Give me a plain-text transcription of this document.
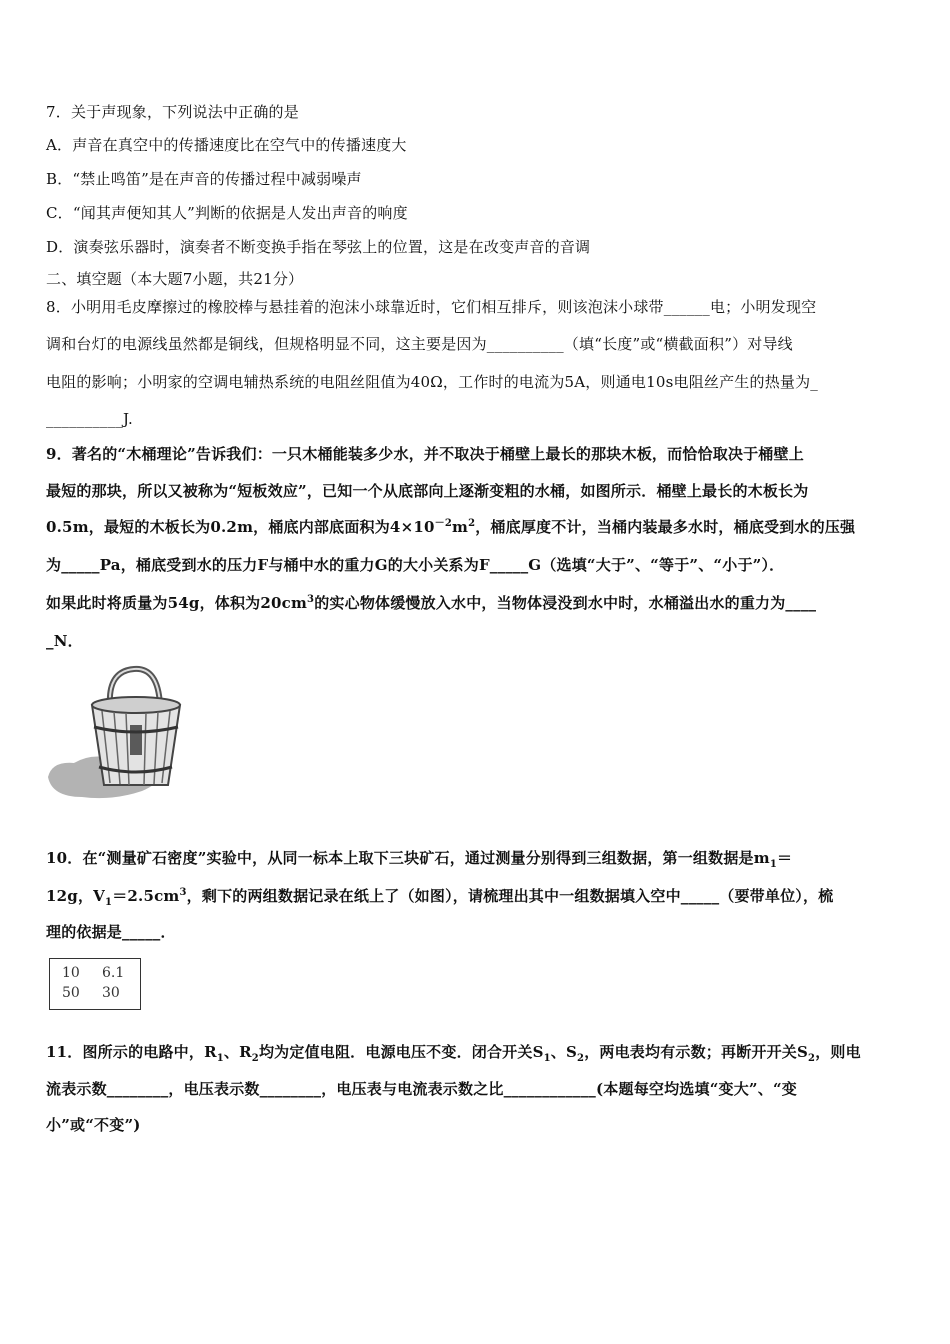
7．关于声现象，下列说法中正确的是
A．声音在真空中的传播速度比在空气中的传播速度大
B．“禁止鸣笛”是在声音的传播过程中减弱噪声
C．“闻其声便知其人”判断的依据是人发出声音的响度
D．演奏弦乐器时，演奏者不断变换手指在琴弦上的位置，这是在改变声音的音调
二、填空题（本大题7小题，共21分）
8．小明用毛皮摩擦过的橡胶棒与悬挂着的泡沫小球靠近时，它们相互排斥，则该泡沫小球带______电；小明发现空
调和台灯的电源线虽然都是铜线，但规格明显不同，这主要是因为__________（填“长度”或“横截面积”）对导线
电阻的影响；小明家的空调电辅热系统的电阻丝阻值为40Ω，工作时的电流为5A，则通电10s电阻丝产生的热量为_
__________J.
9．著名的“木桶理论”告诉我们：一只木桶能装多少水，并不取决于桶壁上最长的那块木板，而恰恰取决于桶壁上
最短的那块，所以又被称为“短板效应”，已知一个从底部向上逐渐变粗的水桶，如图所示．桶壁上最长的木板长为
0.5m，最短的木板长为0.2m，桶底内部底面积为$4\times 10^{-2}m^2$，桶底厚度不计，当桶内装最多水时，桶底受到水的压强
为_____Pa，桶底受到水的压力F与桶中水的重力G的大小关系为F_____G（选填“大于”、“等于”、“小于”）．
如果此时将质量为54g，体积为$20cm^3$的实心物体缓慢放入水中，当物体浸没到水中时，水桶溢出水的重力为____
_N．
10．在“测量矿石密度”实验中，从同一标本上取下三块矿石，通过测量分别得到三组数据，第一组数据是$m_1=$
12g，$V_1=2.5cm^3$，剩下的两组数据记录在纸上了（如图），请梳理出其中一组数据填入空中_____（要带单位），梳
理的依据是_____．
10 6.1
50 30
11．图所示的电路中，$R_1$、$R_2$均为定值电阻．电源电压不变．闭合开关$S_1$、$S_2$，两电表均有示数；再断开开关$S_2$，则电
流表示数________，电压表示数________，电压表与电流表示数之比____________(本题每空均选填“变大”、“变
小”或“不变”)
